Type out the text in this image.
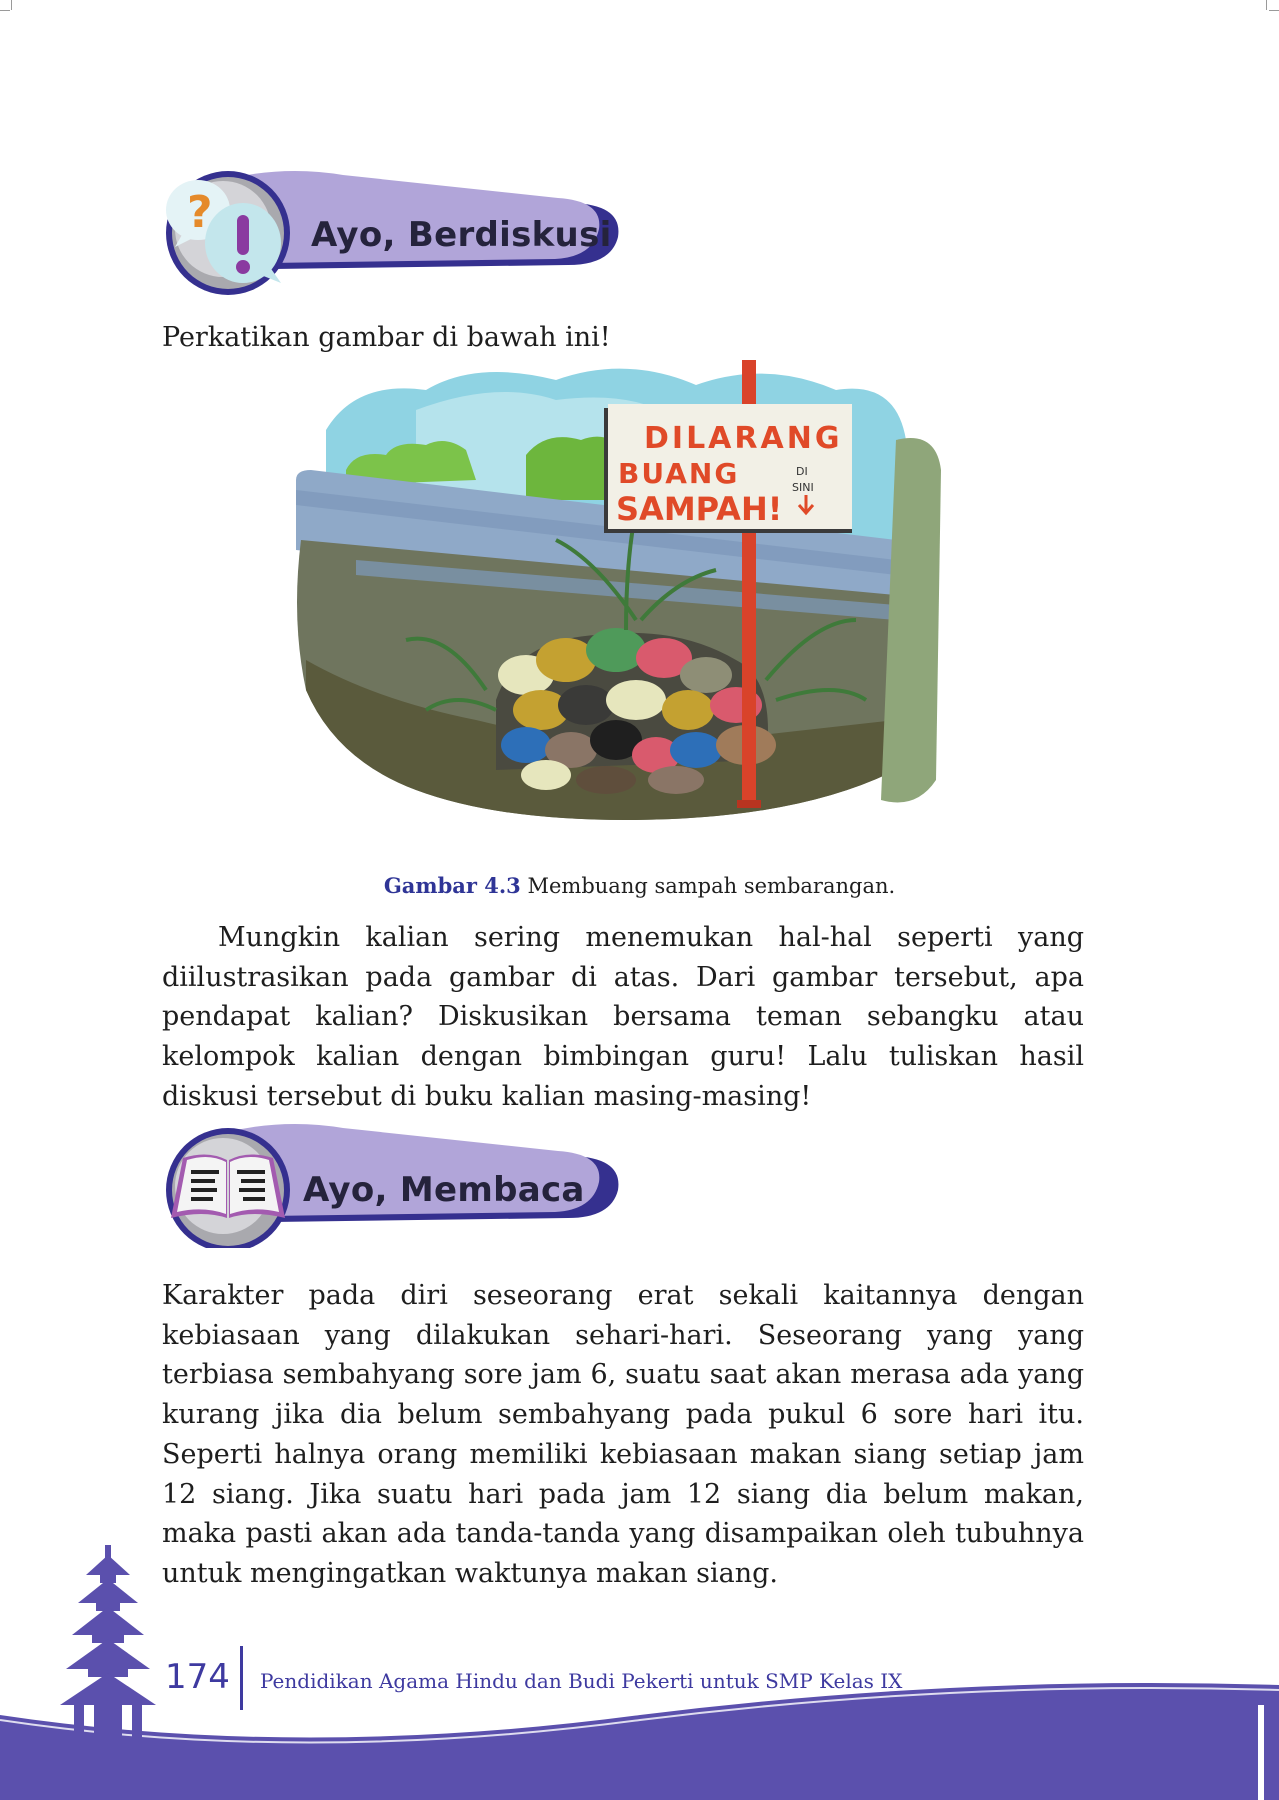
?	Ayo, Berdiskusi

Perkatikan gambar di bawah ini!

DILARANG
BUANG
SAMPAH!
DI
SINI

Gambar 4.3 Membuang sampah sembarangan.

Mungkin kalian sering menemukan hal-hal seperti yang diilustrasikan pada gambar di atas. Dari gambar tersebut, apa pendapat kalian? Diskusikan bersama teman sebangku atau kelompok kalian dengan bimbingan guru! Lalu tuliskan hasil diskusi tersebut di buku kalian masing-masing!

Ayo, Membaca

Karakter pada diri seseorang erat sekali kaitannya dengan kebiasaan yang dilakukan sehari-hari. Seseorang yang yang terbiasa sembahyang sore jam 6, suatu saat akan merasa ada yang kurang jika dia belum sembahyang pada pukul 6 sore hari itu. Seperti halnya orang memiliki kebiasaan makan siang setiap jam 12 siang. Jika suatu hari pada jam 12 siang dia belum makan, maka pasti akan ada tanda-tanda yang disampaikan oleh tubuhnya untuk mengingatkan waktunya makan siang.

174 Pendidikan Agama Hindu dan Budi Pekerti untuk SMP Kelas IX
